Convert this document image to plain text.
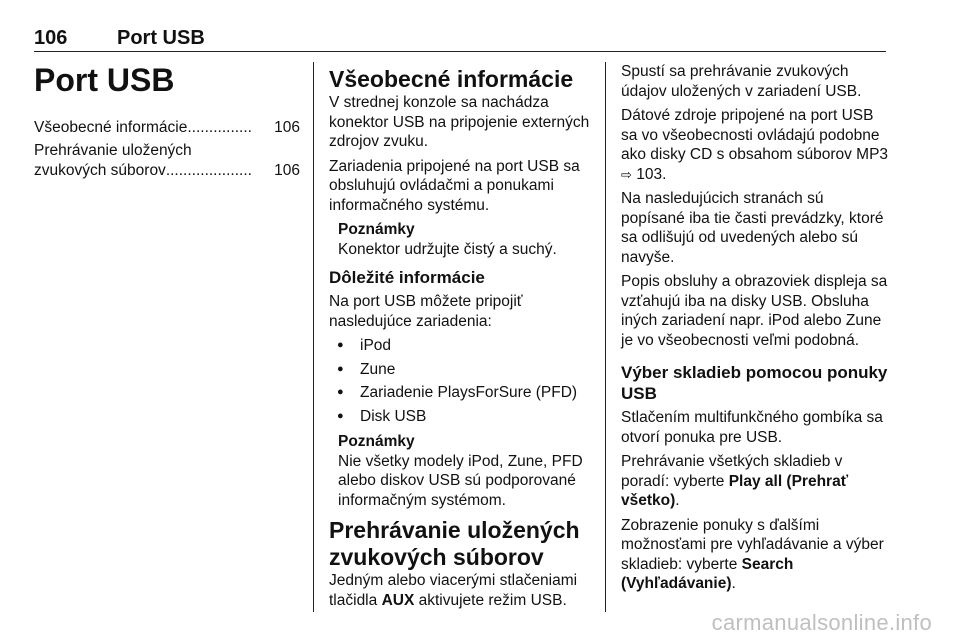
106 Port USB
Port USB
Všeobecné informácie ...............	106
Prehrávanie uložených
zvukových súborov ....................	106
Všeobecné informácie

V strednej konzole sa nachádza konektor USB na pripojenie externých zdrojov zvuku.

Zariadenia pripojené na port USB sa obsluhujú ovládačmi a ponukami informačného systému.

Poznámky
Konektor udržujte čistý a suchý.
Dôležité informácie

Na port USB môžete pripojiť nasledujúce zariadenia:

● iPod
● Zune
● Zariadenie PlaysForSure (PFD)
● Disk USB
Poznámky
Nie všetky modely iPod, Zune, PFD alebo diskov USB sú podporované informačným systémom.
Prehrávanie uložených zvukových súborov

Jedným alebo viacerými stlačeniami tlačidla AUX aktivujete režim USB.

Spustí sa prehrávanie zvukových údajov uložených v zariadení USB.

Dátové zdroje pripojené na port USB sa vo všeobecnosti ovládajú podobne ako disky CD s obsahom súborov MP3 ⇨ 103.

Na nasledujúcich stranách sú popísané iba tie časti prevádzky, ktoré sa odlišujú od uvedených alebo sú navyše.

Popis obsluhy a obrazoviek displeja sa vzťahujú iba na disky USB. Obsluha iných zariadení napr. iPod alebo Zune je vo všeobecnosti veľmi podobná.

Výber skladieb pomocou ponuky USB

Stlačením multifunkčného gombíka sa otvorí ponuka pre USB.

Prehrávanie všetkých skladieb v poradí: vyberte Play all (Prehrať všetko).

Zobrazenie ponuky s ďalšími možnosťami pre vyhľadávanie a výber skladieb: vyberte Search (Vyhľadávanie).

carmanualsonline.info
